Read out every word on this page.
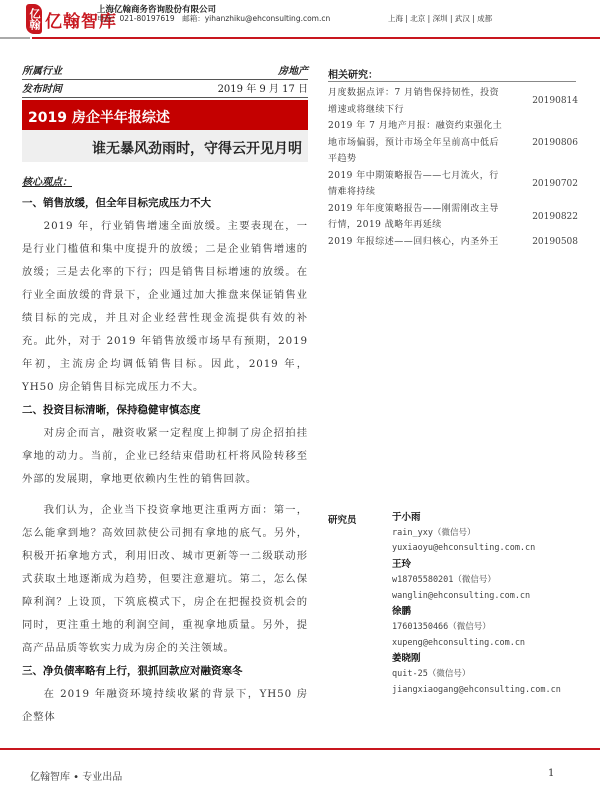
亿翰 亿翰智库
上海亿翰商务咨询股份有限公司
电话：021-80197619　邮箱：yihanzhiku@ehconsulting.com.cn	上海 | 北京 | 深圳 | 武汉 | 成都
所属行业	房地产
发布时间	2019 年 9 月 17 日
2019 房企半年报综述
谁无暴风劲雨时，守得云开见月明
核心观点：
一、销售放缓，但全年目标完成压力不大
2019 年，行业销售增速全面放缓。主要表现在，一是行业门槛值和集中度提升的放缓；二是企业销售增速的放缓；三是去化率的下行；四是销售目标增速的放缓。在行业全面放缓的背景下，企业通过加大推盘来保证销售业绩目标的完成，并且对企业经营性现金流提供有效的补充。此外，对于 2019 年销售放缓市场早有预期，2019 年初，主流房企均调低销售目标。因此，2019 年，YH50 房企销售目标完成压力不大。
二、投资目标清晰，保持稳健审慎态度
对房企而言，融资收紧一定程度上抑制了房企招拍挂拿地的动力。当前，企业已经结束借助杠杆将风险转移至外部的发展期，拿地更依赖内生性的销售回款。
我们认为，企业当下投资拿地更注重两方面：第一，怎么能拿到地？高效回款使公司拥有拿地的底气。另外，积极开拓拿地方式，利用旧改、城市更新等一二级联动形式获取土地逐渐成为趋势，但要注意避坑。第二，怎么保障利润？上设顶，下筑底模式下，房企在把握投资机会的同时，更注重土地的利润空间，重视拿地质量。另外，提高产品品质等软实力成为房企的关注领域。
三、净负债率略有上行，狠抓回款应对融资寒冬
在 2019 年融资环境持续收紧的背景下，YH50 房企整体
相关研究：
月度数据点评：7 月销售保持韧性，投资增速或将继续下行
20190814
2019 年 7 月地产月报：融资约束强化土地市场偏弱，预计市场全年呈前高中低后平趋势
20190806
2019 年中期策略报告——七月流火，行情难将持续
20190702
2019 年年度策略报告——刚需刚改主导行情，2019 战略年再延续
20190822
2019 年报综述——回归核心，内圣外王	20190508
研究员	于小雨
rain_yxy（微信号）
yuxiaoyu@ehconsulting.com.cn
王玲
w18705580201（微信号）
wanglin@ehconsulting.com.cn
徐鹏
17601350466（微信号）
xupeng@ehconsulting.com.cn
姜晓刚
quit-25（微信号）
jiangxiaogang@ehconsulting.com.cn
亿翰智库 • 专业出品	1
